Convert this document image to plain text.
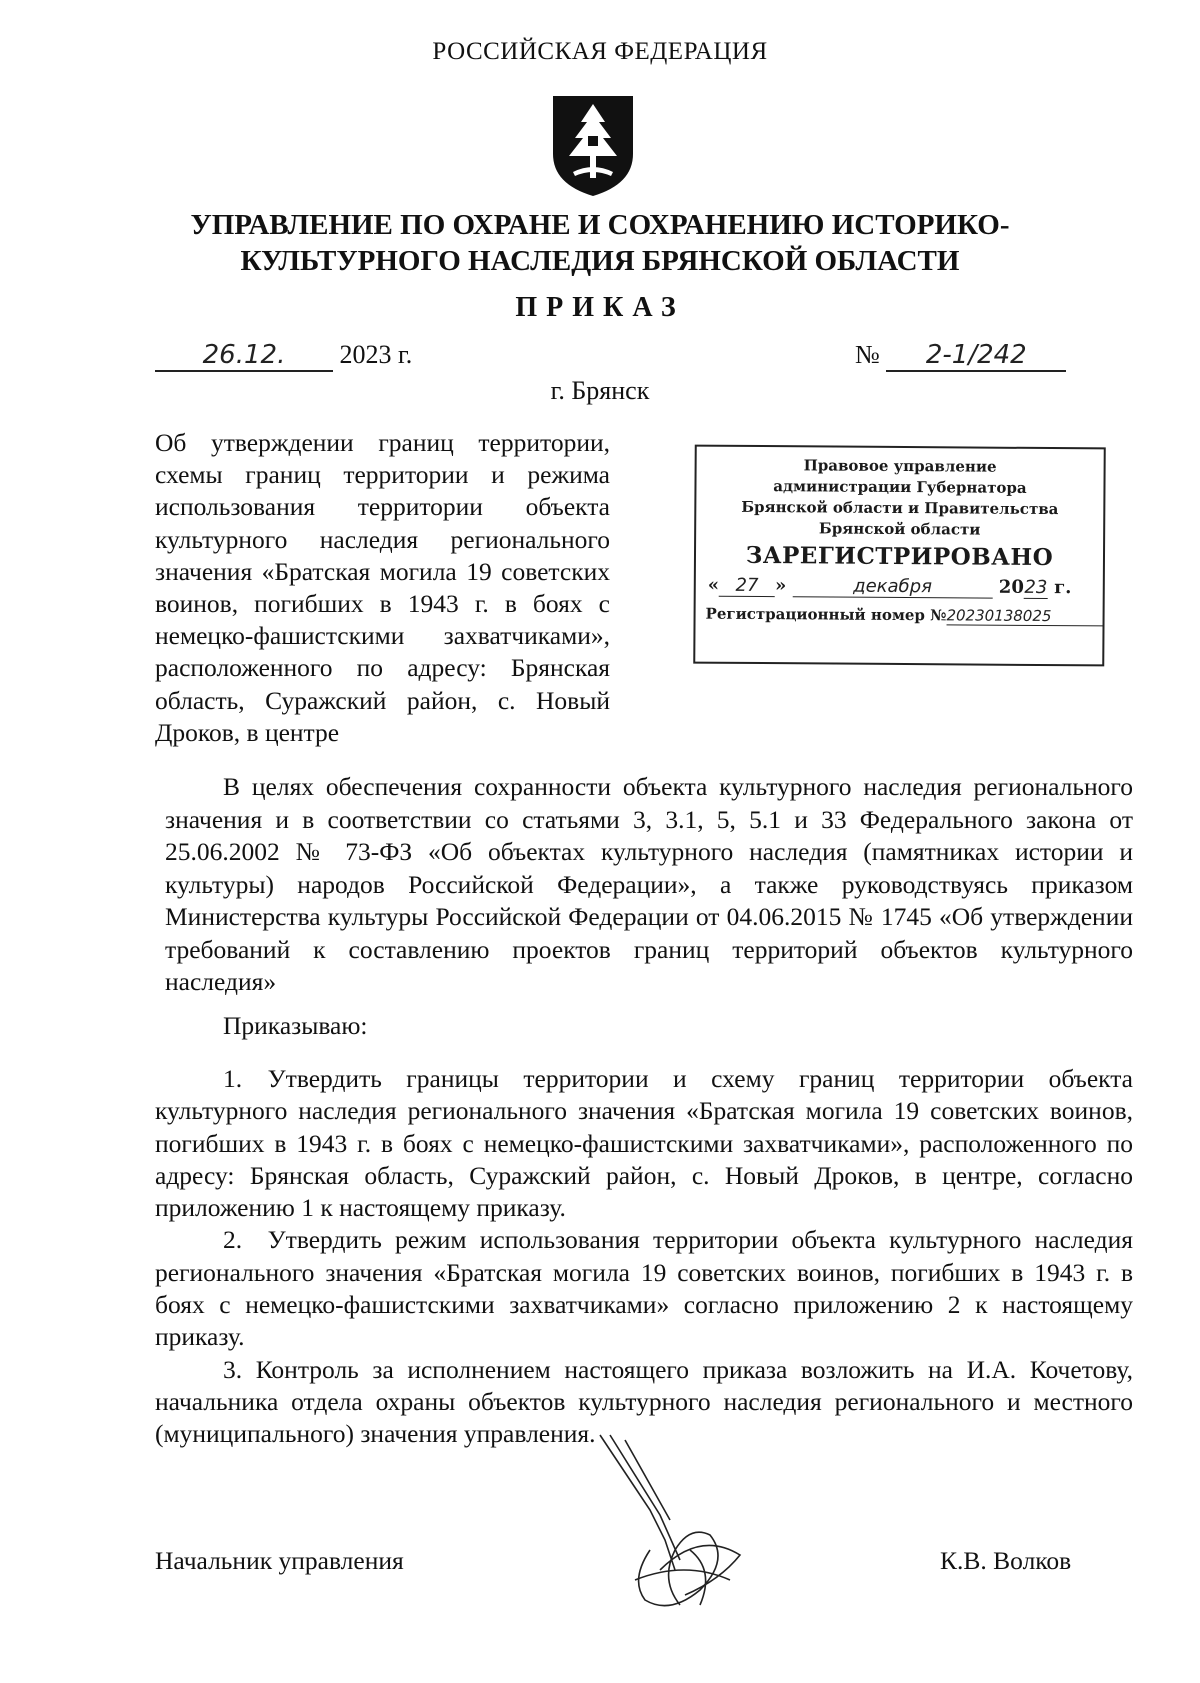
РОССИЙСКАЯ ФЕДЕРАЦИЯ
УПРАВЛЕНИЕ ПО ОХРАНЕ И СОХРАНЕНИЮ ИСТОРИКО-
КУЛЬТУРНОГО НАСЛЕДИЯ БРЯНСКОЙ ОБЛАСТИ
ПРИКАЗ
26.12. 2023 г.	№ 2-1/242
г. Брянск
Об утверждении границ территории, схемы границ территории и режима использования территории объекта культурного наследия регионального значения «Братская могила 19 советских воинов, погибших в 1943 г. в боях с немецко-фашистскими захватчиками», расположенного по адресу: Брянская область, Суражский район, с. Новый Дроков, в центре
Правовое управление
администрации Губернатора
Брянской области и Правительства
Брянской области
ЗАРЕГИСТРИРОВАНО
« 27 »	декабря	2023 г.
Регистрационный номер №20230138025
В целях обеспечения сохранности объекта культурного наследия регионального значения и в соответствии со статьями 3, 3.1, 5, 5.1 и 33 Федерального закона от 25.06.2002 № 73-ФЗ «Об объектах культурного наследия (памятниках истории и культуры) народов Российской Федерации», а также руководствуясь приказом Министерства культуры Российской Федерации от 04.06.2015 № 1745 «Об утверждении требований к составлению проектов границ территорий объектов культурного наследия»
Приказываю:

1. Утвердить границы территории и схему границ территории объекта культурного наследия регионального значения «Братская могила 19 советских воинов, погибших в 1943 г. в боях с немецко-фашистскими захватчиками», расположенного по адресу: Брянская область, Суражский район, с. Новый Дроков, в центре, согласно приложению 1 к настоящему приказу.

2. Утвердить режим использования территории объекта культурного наследия регионального значения «Братская могила 19 советских воинов, погибших в 1943 г. в боях с немецко-фашистскими захватчиками» согласно приложению 2 к настоящему приказу.

3. Контроль за исполнением настоящего приказа возложить на И.А. Кочетову, начальника отдела охраны объектов культурного наследия регионального и местного (муниципального) значения управления.

Начальник управления	К.В. Волков
